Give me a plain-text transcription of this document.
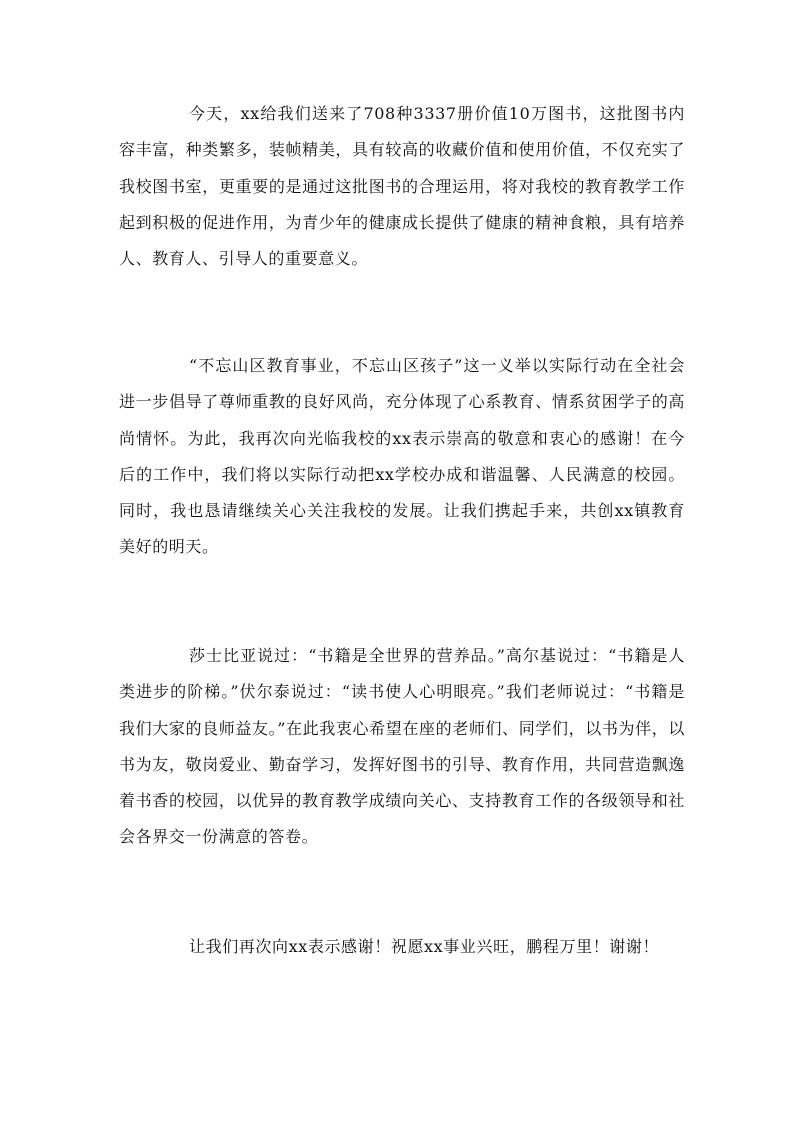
今天，xx给我们送来了708种3337册价值10万图书，这批图书内容丰富，种类繁多，装帧精美，具有较高的收藏价值和使用价值，不仅充实了我校图书室，更重要的是通过这批图书的合理运用，将对我校的教育教学工作起到积极的促进作用，为青少年的健康成长提供了健康的精神食粮，具有培养人、教育人、引导人的重要意义。

“不忘山区教育事业，不忘山区孩子”这一义举以实际行动在全社会进一步倡导了尊师重教的良好风尚，充分体现了心系教育、情系贫困学子的高尚情怀。为此，我再次向光临我校的xx表示崇高的敬意和衷心的感谢！在今后的工作中，我们将以实际行动把xx学校办成和谐温馨、人民满意的校园。同时，我也恳请继续关心关注我校的发展。让我们携起手来，共创xx镇教育美好的明天。

莎士比亚说过：“书籍是全世界的营养品。”高尔基说过：“书籍是人类进步的阶梯。”伏尔泰说过：“读书使人心明眼亮。”我们老师说过：“书籍是我们大家的良师益友。”在此我衷心希望在座的老师们、同学们，以书为伴，以书为友，敬岗爱业、勤奋学习，发挥好图书的引导、教育作用，共同营造飘逸着书香的校园，以优异的教育教学成绩向关心、支持教育工作的各级领导和社会各界交一份满意的答卷。

让我们再次向xx表示感谢！祝愿xx事业兴旺，鹏程万里！谢谢！
